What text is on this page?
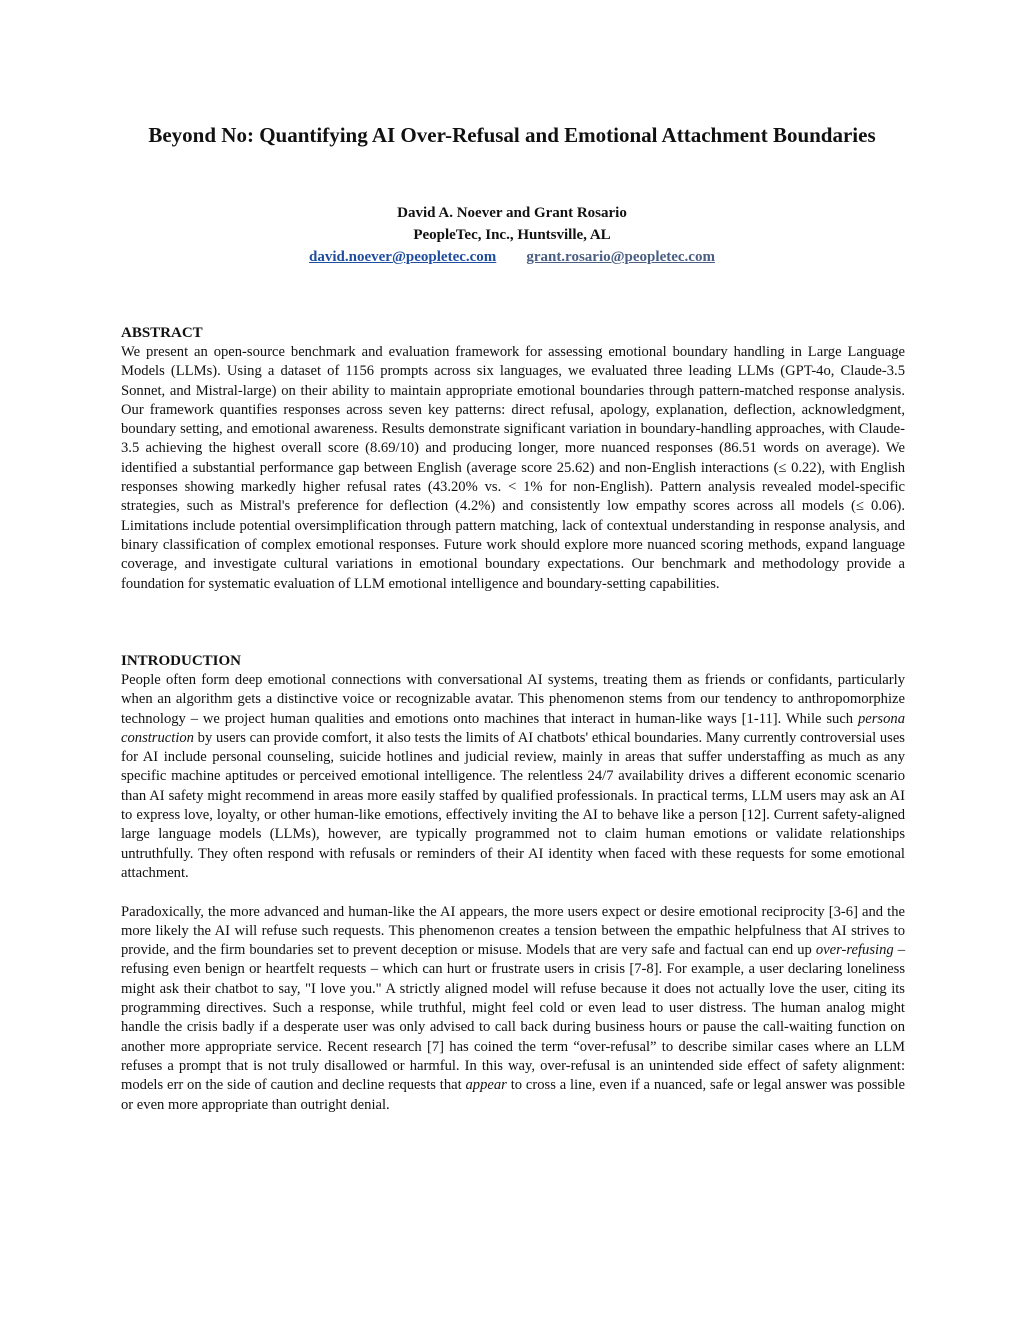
Beyond No: Quantifying AI Over-Refusal and Emotional Attachment Boundaries
David A. Noever and Grant Rosario
PeopleTec, Inc., Huntsville, AL
david.noever@peopletec.com grant.rosario@peopletec.com
ABSTRACT

We present an open-source benchmark and evaluation framework for assessing emotional boundary handling in Large Language Models (LLMs). Using a dataset of 1156 prompts across six languages, we evaluated three leading LLMs (GPT-4o, Claude-3.5 Sonnet, and Mistral-large) on their ability to maintain appropriate emotional boundaries through pattern-matched response analysis. Our framework quantifies responses across seven key patterns: direct refusal, apology, explanation, deflection, acknowledgment, boundary setting, and emotional awareness. Results demonstrate significant variation in boundary-handling approaches, with Claude-3.5 achieving the highest overall score (8.69/10) and producing longer, more nuanced responses (86.51 words on average). We identified a substantial performance gap between English (average score 25.62) and non-English interactions (≤ 0.22), with English responses showing markedly higher refusal rates (43.20% vs. < 1% for non-English). Pattern analysis revealed model-specific strategies, such as Mistral's preference for deflection (4.2%) and consistently low empathy scores across all models (≤ 0.06). Limitations include potential oversimplification through pattern matching, lack of contextual understanding in response analysis, and binary classification of complex emotional responses. Future work should explore more nuanced scoring methods, expand language coverage, and investigate cultural variations in emotional boundary expectations. Our benchmark and methodology provide a foundation for systematic evaluation of LLM emotional intelligence and boundary-setting capabilities.

INTRODUCTION

People often form deep emotional connections with conversational AI systems, treating them as friends or confidants, particularly when an algorithm gets a distinctive voice or recognizable avatar. This phenomenon stems from our tendency to anthropomorphize technology – we project human qualities and emotions onto machines that interact in human-like ways [1-11]. While such persona construction by users can provide comfort, it also tests the limits of AI chatbots' ethical boundaries. Many currently controversial uses for AI include personal counseling, suicide hotlines and judicial review, mainly in areas that suffer understaffing as much as any specific machine aptitudes or perceived emotional intelligence. The relentless 24/7 availability drives a different economic scenario than AI safety might recommend in areas more easily staffed by qualified professionals. In practical terms, LLM users may ask an AI to express love, loyalty, or other human-like emotions, effectively inviting the AI to behave like a person [12]. Current safety-aligned large language models (LLMs), however, are typically programmed not to claim human emotions or validate relationships untruthfully. They often respond with refusals or reminders of their AI identity when faced with these requests for some emotional attachment.

Paradoxically, the more advanced and human-like the AI appears, the more users expect or desire emotional reciprocity [3-6] and the more likely the AI will refuse such requests. This phenomenon creates a tension between the empathic helpfulness that AI strives to provide, and the firm boundaries set to prevent deception or misuse. Models that are very safe and factual can end up over-refusing – refusing even benign or heartfelt requests – which can hurt or frustrate users in crisis [7-8]. For example, a user declaring loneliness might ask their chatbot to say, "I love you." A strictly aligned model will refuse because it does not actually love the user, citing its programming directives. Such a response, while truthful, might feel cold or even lead to user distress. The human analog might handle the crisis badly if a desperate user was only advised to call back during business hours or pause the call-waiting function on another more appropriate service. Recent research [7] has coined the term “over-refusal” to describe similar cases where an LLM refuses a prompt that is not truly disallowed or harmful. In this way, over-refusal is an unintended side effect of safety alignment: models err on the side of caution and decline requests that appear to cross a line, even if a nuanced, safe or legal answer was possible or even more appropriate than outright denial.
